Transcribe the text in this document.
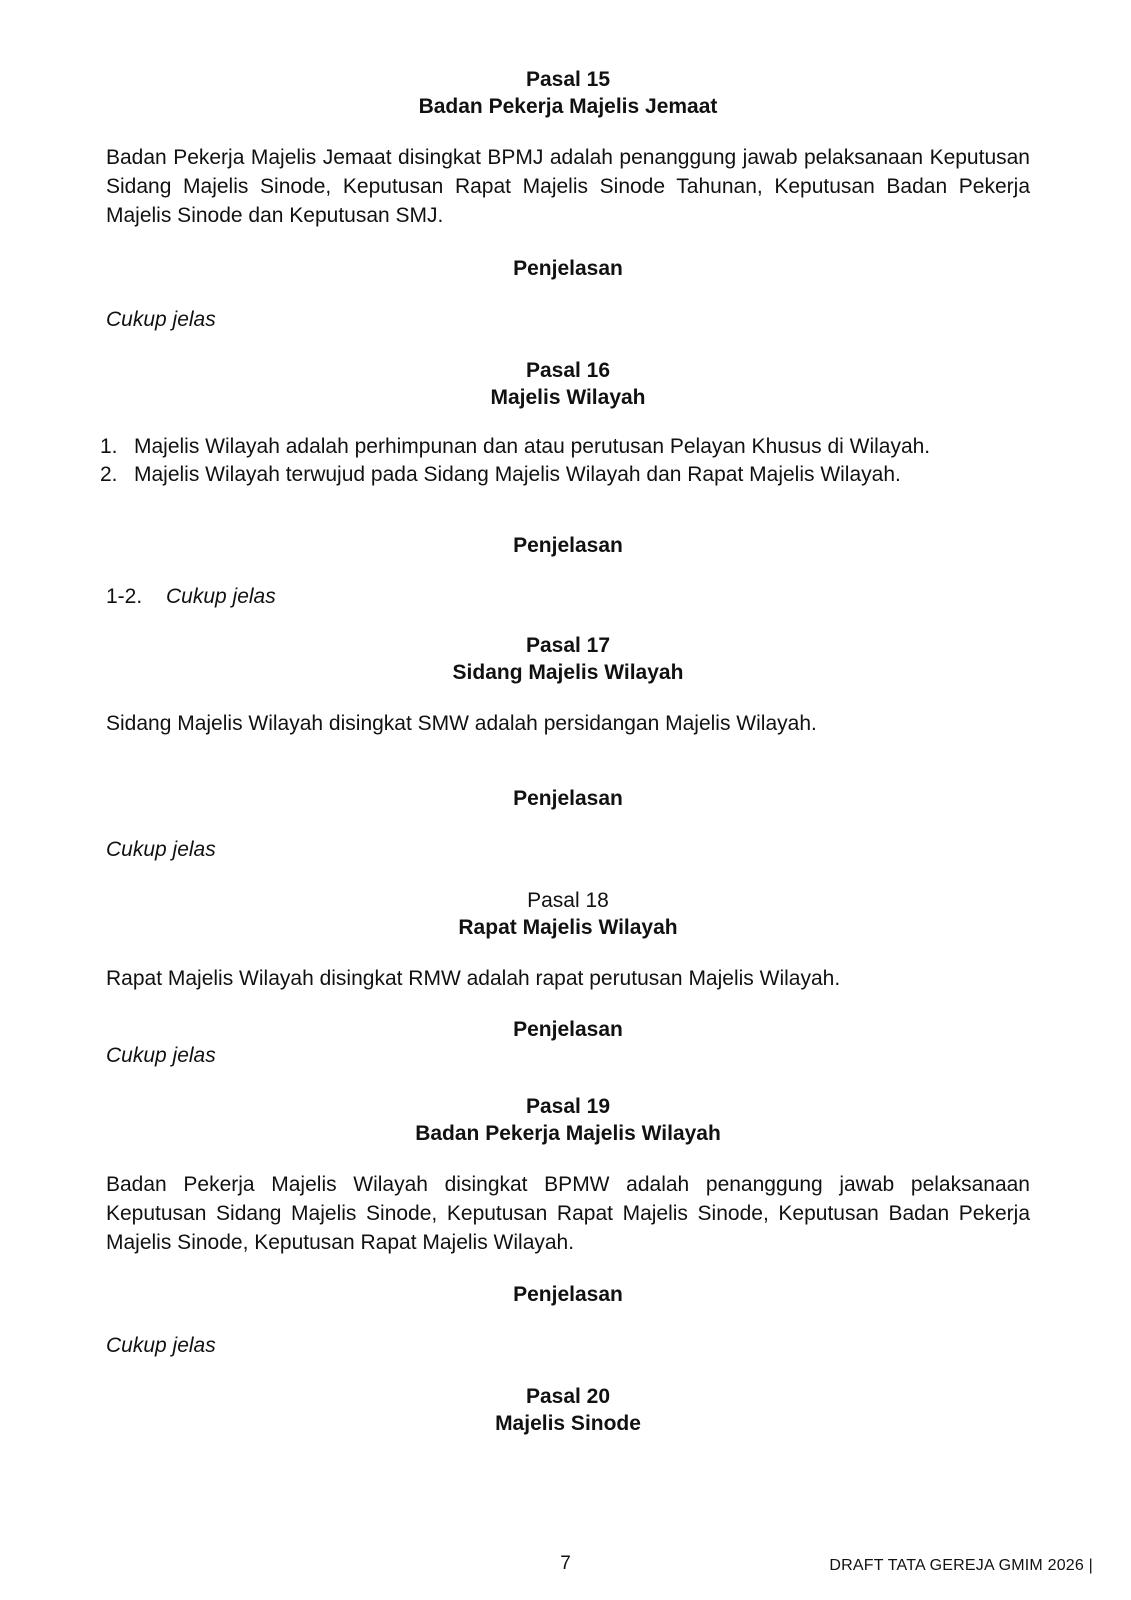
Pasal 15
Badan Pekerja Majelis Jemaat
Badan Pekerja Majelis Jemaat disingkat BPMJ adalah penanggung jawab pelaksanaan Keputusan Sidang Majelis Sinode, Keputusan Rapat Majelis Sinode Tahunan, Keputusan Badan Pekerja Majelis Sinode dan Keputusan SMJ.
Penjelasan
Cukup jelas
Pasal 16
Majelis Wilayah
1. Majelis Wilayah adalah perhimpunan dan atau perutusan Pelayan Khusus di Wilayah.
2. Majelis Wilayah terwujud pada Sidang Majelis Wilayah dan Rapat Majelis Wilayah.
Penjelasan
1-2. Cukup jelas
Pasal 17
Sidang Majelis Wilayah
Sidang Majelis Wilayah disingkat SMW adalah persidangan Majelis Wilayah.
Penjelasan
Cukup jelas
Pasal 18
Rapat Majelis Wilayah
Rapat Majelis Wilayah disingkat RMW adalah rapat perutusan Majelis Wilayah.
Penjelasan
Cukup jelas
Pasal 19
Badan Pekerja Majelis Wilayah
Badan Pekerja Majelis Wilayah disingkat BPMW adalah penanggung jawab pelaksanaan Keputusan Sidang Majelis Sinode, Keputusan Rapat Majelis Sinode, Keputusan Badan Pekerja Majelis Sinode, Keputusan Rapat Majelis Wilayah.
Penjelasan
Cukup jelas
Pasal 20
Majelis Sinode
7	DRAFT TATA GEREJA GMIM 2026 |
